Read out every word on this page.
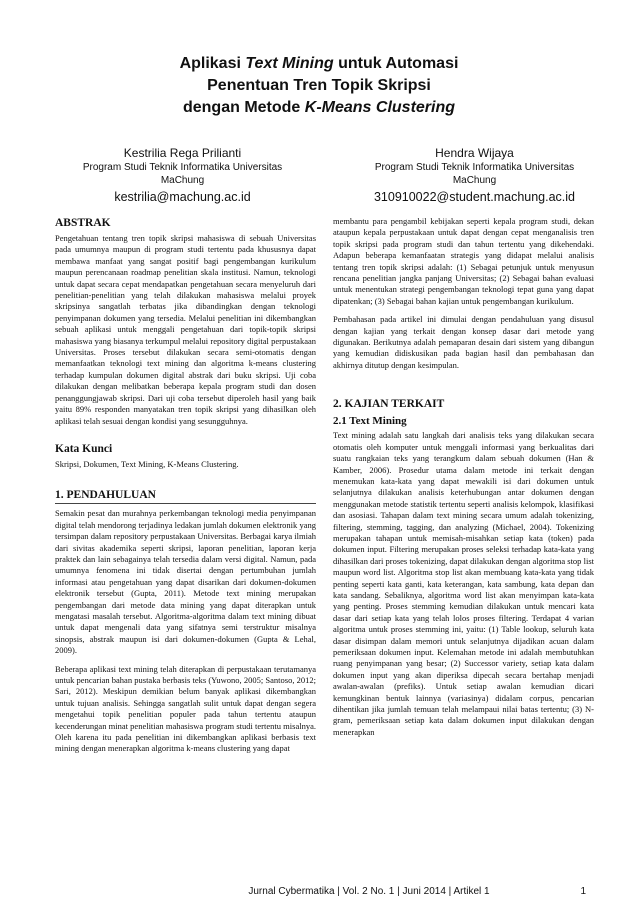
Aplikasi Text Mining untuk Automasi
Penentuan Tren Topik Skripsi
dengan Metode K-Means Clustering
Kestrilia Rega Prilianti
Program Studi Teknik Informatika Universitas
MaChung
kestrilia@machung.ac.id
Hendra Wijaya
Program Studi Teknik Informatika Universitas
MaChung
310910022@student.machung.ac.id
ABSTRAK

Pengetahuan tentang tren topik skripsi mahasiswa di sebuah Universitas pada umumnya maupun di program studi tertentu pada khususnya dapat membawa manfaat yang sangat positif bagi pengembangan kurikulum maupun perencanaan roadmap penelitian skala institusi. Namun, teknologi untuk dapat secara cepat mendapatkan pengetahuan secara menyeluruh dari penelitian-penelitian yang telah dilakukan mahasiswa melalui proyek skripsinya sangatlah terbatas jika dibandingkan dengan teknologi penyimpanan dokumen yang tersedia. Melalui penelitian ini dikembangkan sebuah aplikasi untuk menggali pengetahuan dari topik-topik skripsi mahasiswa yang biasanya terkumpul melalui repository digital perpustakaan Universitas. Proses tersebut dilakukan secara semi-otomatis dengan memanfaatkan teknologi text mining dan algoritma k-means clustering terhadap kumpulan dokumen digital abstrak dari buku skripsi. Uji coba dilakukan dengan melibatkan beberapa kepala program studi dan dosen penanggungjawab skripsi. Dari uji coba tersebut diperoleh hasil yang baik yaitu 89% responden manyatakan tren topik skripsi yang dihasilkan oleh aplikasi telah sesuai dengan kondisi yang sesungguhnya.

Kata Kunci

Skripsi, Dokumen, Text Mining, K-Means Clustering.

1. PENDAHULUAN

Semakin pesat dan murahnya perkembangan teknologi media penyimpanan digital telah mendorong terjadinya ledakan jumlah dokumen elektronik yang tersimpan dalam repository perpustakaan Universitas. Berbagai karya ilmiah dari sivitas akademika seperti skripsi, laporan penelitian, laporan kerja praktek dan lain sebagainya telah tersedia dalam versi digital. Namun, pada umumnya fenomena ini tidak disertai dengan pertumbuhan jumlah informasi atau pengetahuan yang dapat disarikan dari dokumen-dokumen elektronik tersebut (Gupta, 2011). Metode text mining merupakan pengembangan dari metode data mining yang dapat diterapkan untuk mengatasi masalah tersebut. Algoritma-algoritma dalam text mining dibuat untuk dapat mengenali data yang sifatnya semi terstruktur misalnya sinopsis, abstrak maupun isi dari dokumen-dokumen (Gupta & Lehal, 2009).

Beberapa aplikasi text mining telah diterapkan di perpustakaan terutamanya untuk pencarian bahan pustaka berbasis teks (Yuwono, 2005; Santoso, 2012; Sari, 2012). Meskipun demikian belum banyak aplikasi dikembangkan untuk tujuan analisis. Sehingga sangatlah sulit untuk dapat dengan segera mengetahui topik penelitian populer pada tahun tertentu ataupun kecenderungan minat penelitian mahasiswa program studi tertentu misalnya. Oleh karena itu pada penelitian ini dikembangkan aplikasi berbasis text mining dengan menerapkan algoritma k-means clustering yang dapat

membantu para pengambil kebijakan seperti kepala program studi, dekan ataupun kepala perpustakaan untuk dapat dengan cepat menganalisis tren topik skripsi pada program studi dan tahun tertentu yang dikehendaki. Adapun beberapa kemanfaatan strategis yang didapat melalui analisis tentang tren topik skripsi adalah: (1) Sebagai petunjuk untuk menyusun rencana penelitian jangka panjang Universitas; (2) Sebagai bahan evaluasi untuk menentukan strategi pengembangan teknologi tepat guna yang dapat dipatenkan; (3) Sebagai bahan kajian untuk pengembangan kurikulum.

Pembahasan pada artikel ini dimulai dengan pendahuluan yang disusul dengan kajian yang terkait dengan konsep dasar dari metode yang digunakan. Berikutnya adalah pemaparan desain dari sistem yang dibangun yang kemudian didiskusikan pada bagian hasil dan pembahasan dan akhirnya ditutup dengan kesimpulan.

2. KAJIAN TERKAIT
2.1 Text Mining

Text mining adalah satu langkah dari analisis teks yang dilakukan secara otomatis oleh komputer untuk menggali informasi yang berkualitas dari suatu rangkaian teks yang terangkum dalam sebuah dokumen (Han & Kamber, 2006). Prosedur utama dalam metode ini terkait dengan menemukan kata-kata yang dapat mewakili isi dari dokumen untuk selanjutnya dilakukan analisis keterhubungan antar dokumen dengan menggunakan metode statistik tertentu seperti analisis kelompok, klasifikasi dan asosiasi. Tahapan dalam text mining secara umum adalah tokenizing, filtering, stemming, tagging, dan analyzing (Michael, 2004). Tokenizing merupakan tahapan untuk memisah-misahkan setiap kata (token) pada dokumen input. Filtering merupakan proses seleksi terhadap kata-kata yang dihasilkan dari proses tokenizing, dapat dilakukan dengan algoritma stop list maupun word list. Algoritma stop list akan membuang kata-kata yang tidak penting seperti kata ganti, kata keterangan, kata sambung, kata depan dan kata sandang. Sebaliknya, algoritma word list akan menyimpan kata-kata yang penting. Proses stemming kemudian dilakukan untuk mencari kata dasar dari setiap kata yang telah lolos proses filtering. Terdapat 4 varian algoritma untuk proses stemming ini, yaitu: (1) Table lookup, seluruh kata dasar disimpan dalam memori untuk selanjutnya dijadikan acuan dalam pemeriksaan dokumen input. Kelemahan metode ini adalah membutuhkan ruang penyimpanan yang besar; (2) Successor variety, setiap kata dalam dokumen input yang akan diperiksa dipecah secara bertahap menjadi awalan-awalan (prefiks). Untuk setiap awalan kemudian dicari kemungkinan bentuk lainnya (variasinya) didalam corpus, pencarian dihentikan jika jumlah temuan telah melampaui nilai batas tertentu; (3) N-gram, pemeriksaan setiap kata dalam dokumen input dilakukan dengan menerapkan

Jurnal Cybermatika | Vol. 2 No. 1 | Juni 2014 | Artikel 1	1
